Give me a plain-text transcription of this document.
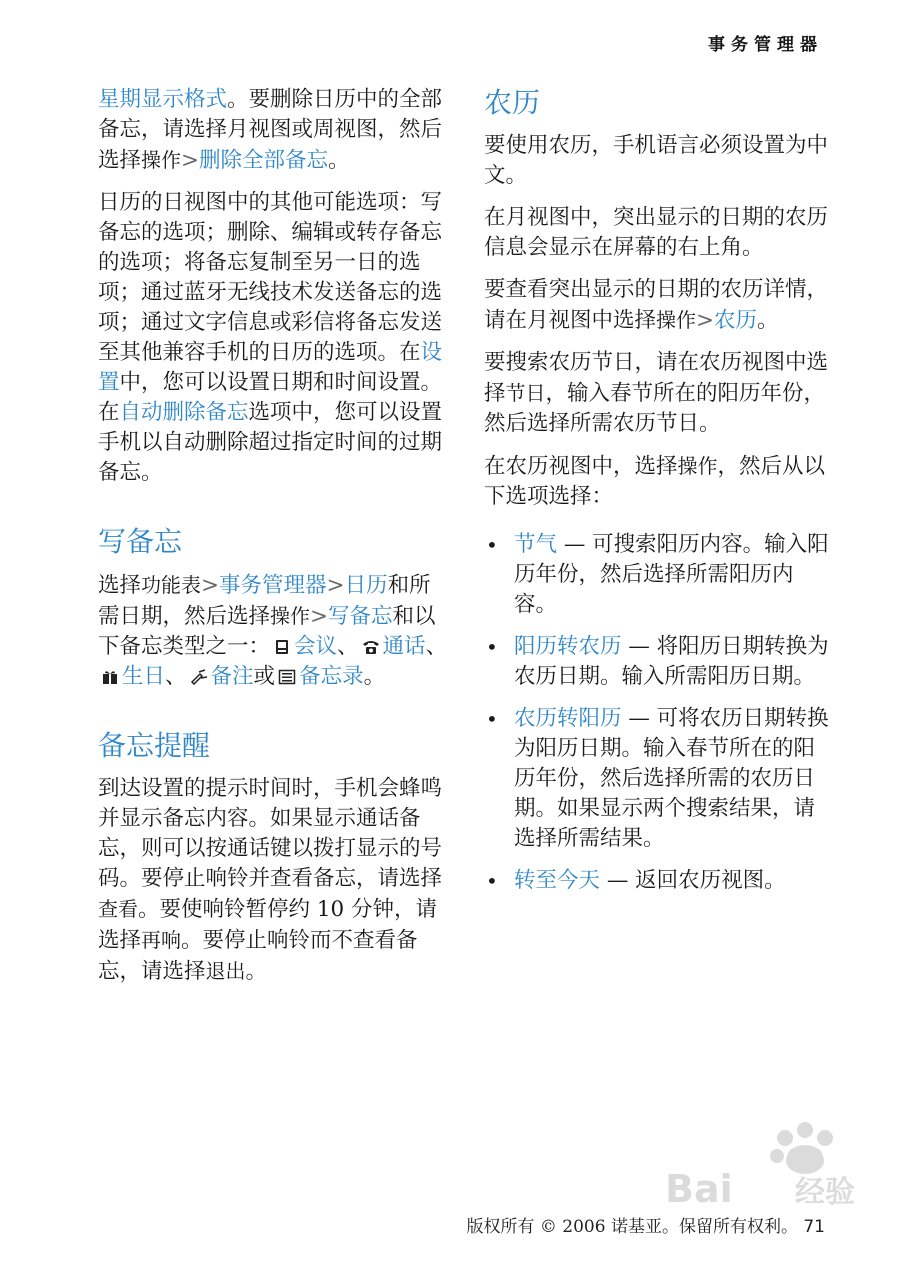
事务管理器

星期显示格式。要删除日历中的全部备忘，请选择月视图或周视图，然后选择操作>删除全部备忘。

日历的日视图中的其他可能选项：写备忘的选项；删除、编辑或转存备忘的选项；将备忘复制至另一日的选项；通过蓝牙无线技术发送备忘的选项；通过文字信息或彩信将备忘发送至其他兼容手机的日历的选项。在设置中，您可以设置日期和时间设置。在自动删除备忘选项中，您可以设置手机以自动删除超过指定时间的过期备忘。

写备忘

选择功能表>事务管理器>日历和所需日期，然后选择操作>写备忘和以下备忘类型之一： 会议、 通话、生日、 备注或 备忘录。

备忘提醒

到达设置的提示时间时，手机会蜂鸣并显示备忘内容。如果显示通话备忘，则可以按通话键以拨打显示的号码。要停止响铃并查看备忘，请选择查看。要使响铃暂停约 10 分钟，请选择再响。要停止响铃而不查看备忘，请选择退出。

农历

要使用农历，手机语言必须设置为中文。

在月视图中，突出显示的日期的农历信息会显示在屏幕的右上角。

要查看突出显示的日期的农历详情，请在月视图中选择操作>农历。

要搜索农历节日，请在农历视图中选择节日，输入春节所在的阳历年份，然后选择所需农历节日。

在农历视图中，选择操作，然后从以下选项选择：

• 节气 — 可搜索阳历内容。输入阳历年份，然后选择所需阳历内容。
• 阳历转农历 — 将阳历日期转换为农历日期。输入所需阳历日期。
• 农历转阳历 — 可将农历日期转换为阳历日期。输入春节所在的阳历年份，然后选择所需的农历日期。如果显示两个搜索结果，请选择所需结果。
• 转至今天 — 返回农历视图。
Bai du 经验
版权所有 © 2006 诺基亚。保留所有权利。 71
